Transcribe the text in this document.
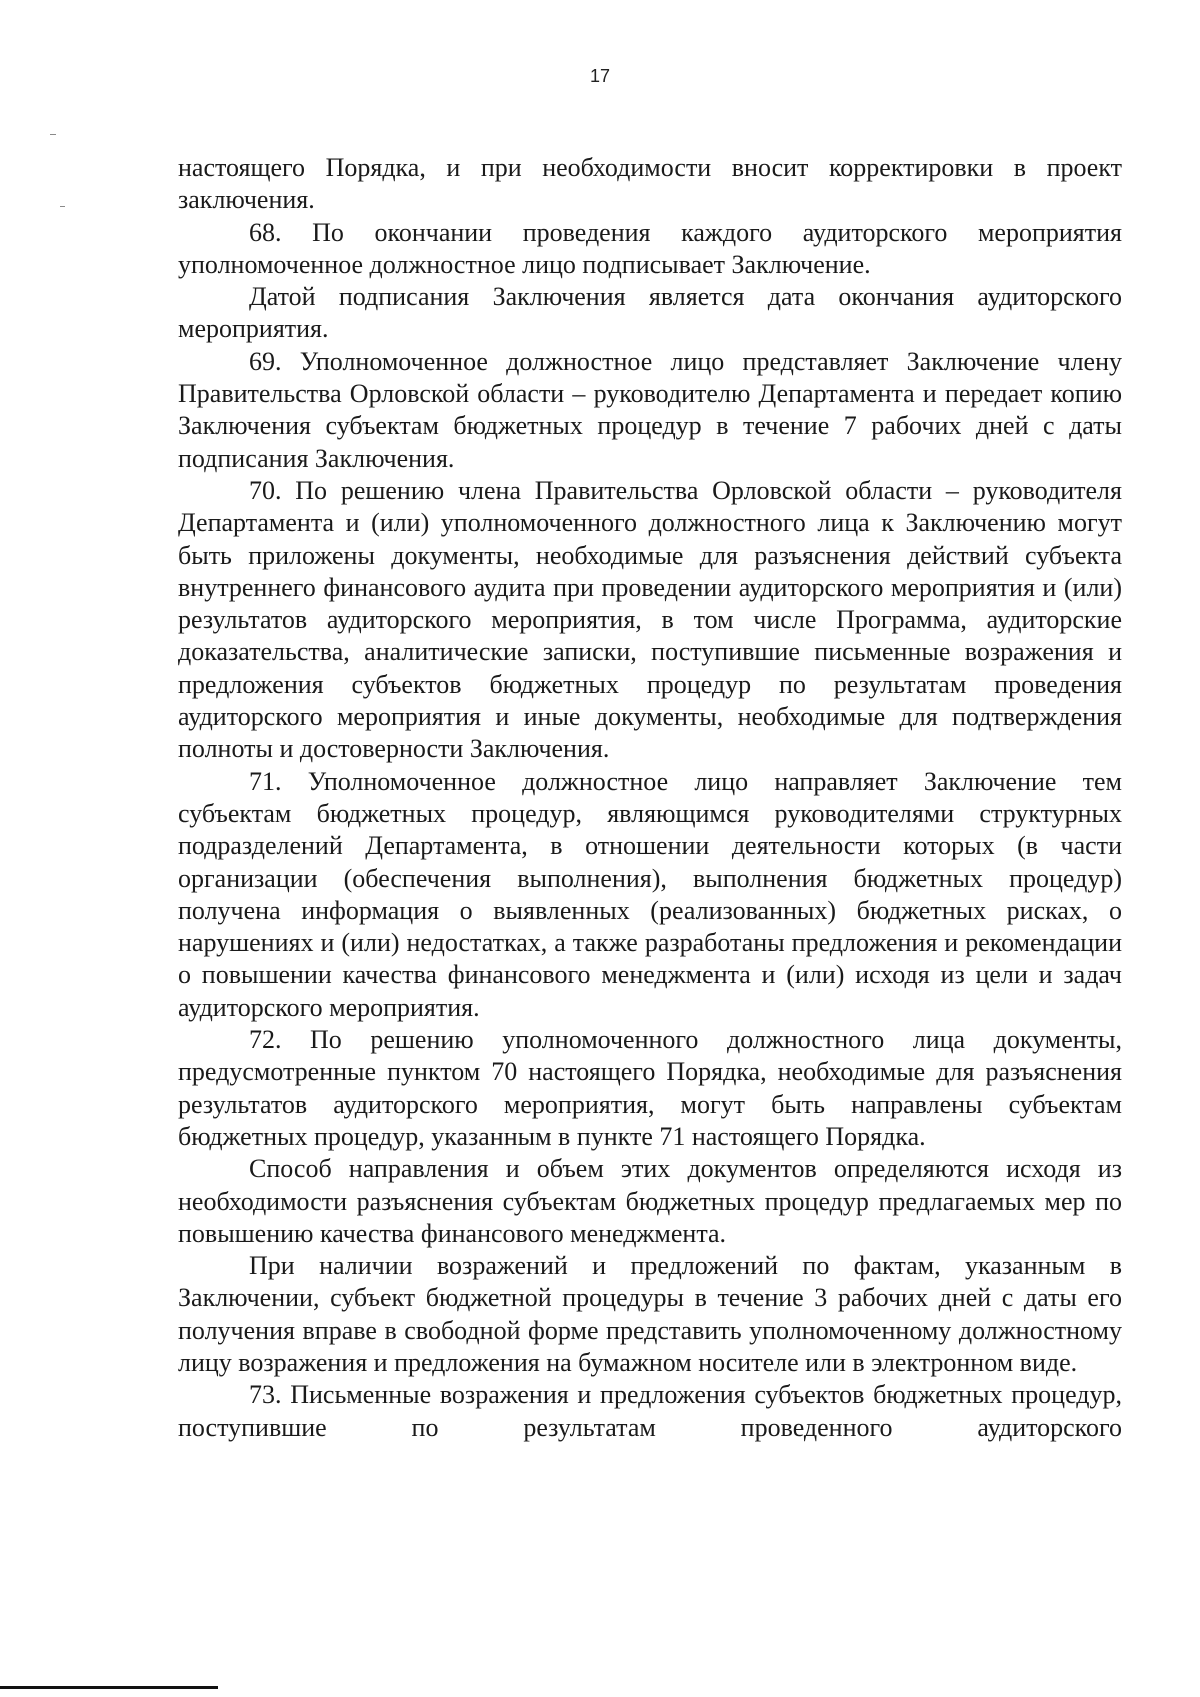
17

настоящего Порядка, и при необходимости вносит корректировки в проект заключения.

68. По окончании проведения каждого аудиторского мероприятия уполномоченное должностное лицо подписывает Заключение.

Датой подписания Заключения является дата окончания аудиторского мероприятия.

69. Уполномоченное должностное лицо представляет Заключение члену Правительства Орловской области – руководителю Департамента и передает копию Заключения субъектам бюджетных процедур в течение 7 рабочих дней с даты подписания Заключения.

70. По решению члена Правительства Орловской области – руководителя Департамента и (или) уполномоченного должностного лица к Заключению могут быть приложены документы, необходимые для разъяснения действий субъекта внутреннего финансового аудита при проведении аудиторского мероприятия и (или) результатов аудиторского мероприятия, в том числе Программа, аудиторские доказательства, аналитические записки, поступившие письменные возражения и предложения субъектов бюджетных процедур по результатам проведения аудиторского мероприятия и иные документы, необходимые для подтверждения полноты и достоверности Заключения.

71. Уполномоченное должностное лицо направляет Заключение тем субъектам бюджетных процедур, являющимся руководителями структурных подразделений Департамента, в отношении деятельности которых (в части организации (обеспечения выполнения), выполнения бюджетных процедур) получена информация о выявленных (реализованных) бюджетных рисках, о нарушениях и (или) недостатках, а также разработаны предложения и рекомендации о повышении качества финансового менеджмента и (или) исходя из цели и задач аудиторского мероприятия.

72. По решению уполномоченного должностного лица документы, предусмотренные пунктом 70 настоящего Порядка, необходимые для разъяснения результатов аудиторского мероприятия, могут быть направлены субъектам бюджетных процедур, указанным в пункте 71 настоящего Порядка.

Способ направления и объем этих документов определяются исходя из необходимости разъяснения субъектам бюджетных процедур предлагаемых мер по повышению качества финансового менеджмента.

При наличии возражений и предложений по фактам, указанным в Заключении, субъект бюджетной процедуры в течение 3 рабочих дней с даты его получения вправе в свободной форме представить уполномоченному должностному лицу возражения и предложения на бумажном носителе или в электронном виде.

73. Письменные возражения и предложения субъектов бюджетных процедур, поступившие по результатам проведенного аудиторского
